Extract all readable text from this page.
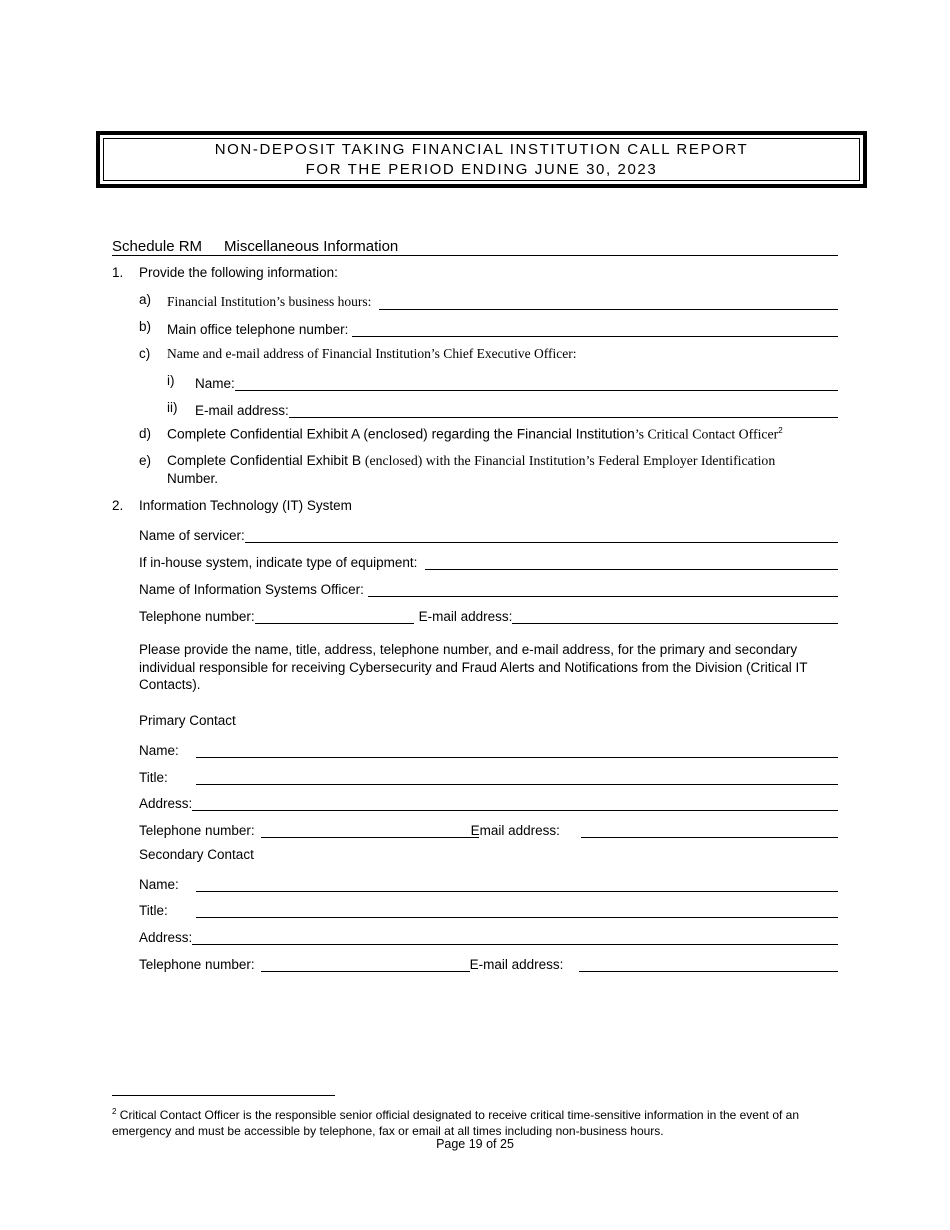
NON-DEPOSIT TAKING FINANCIAL INSTITUTION CALL REPORT
FOR THE PERIOD ENDING JUNE 30, 2023
Schedule RM Miscellaneous Information
1. Provide the following information:
a) Financial Institution’s business hours:
b) Main office telephone number:
c) Name and e-mail address of Financial Institution’s Chief Executive Officer:
i) Name:
ii) E-mail address:
d) Complete Confidential Exhibit A (enclosed) regarding the Financial Institution’s Critical Contact Officer$^2$
e) Complete Confidential Exhibit B (enclosed) with the Financial Institution’s Federal Employer Identification
Number.
2. Information Technology (IT) System
Name of servicer:
If in-house system, indicate type of equipment:
Name of Information Systems Officer:
Telephone number:	E-mail address:
Please provide the name, title, address, telephone number, and e-mail address, for the primary and secondary individual responsible for receiving Cybersecurity and Fraud Alerts and Notifications from the Division (Critical IT Contacts).
Primary Contact
Name:
Title:
Address:
Telephone number:	Email address:
Secondary Contact
Name:
Title:
Address:
Telephone number:	E-mail address:
$^2$ Critical Contact Officer is the responsible senior official designated to receive critical time-sensitive information in the event of an emergency and must be accessible by telephone, fax or email at all times including non-business hours.
Page 19 of 25
